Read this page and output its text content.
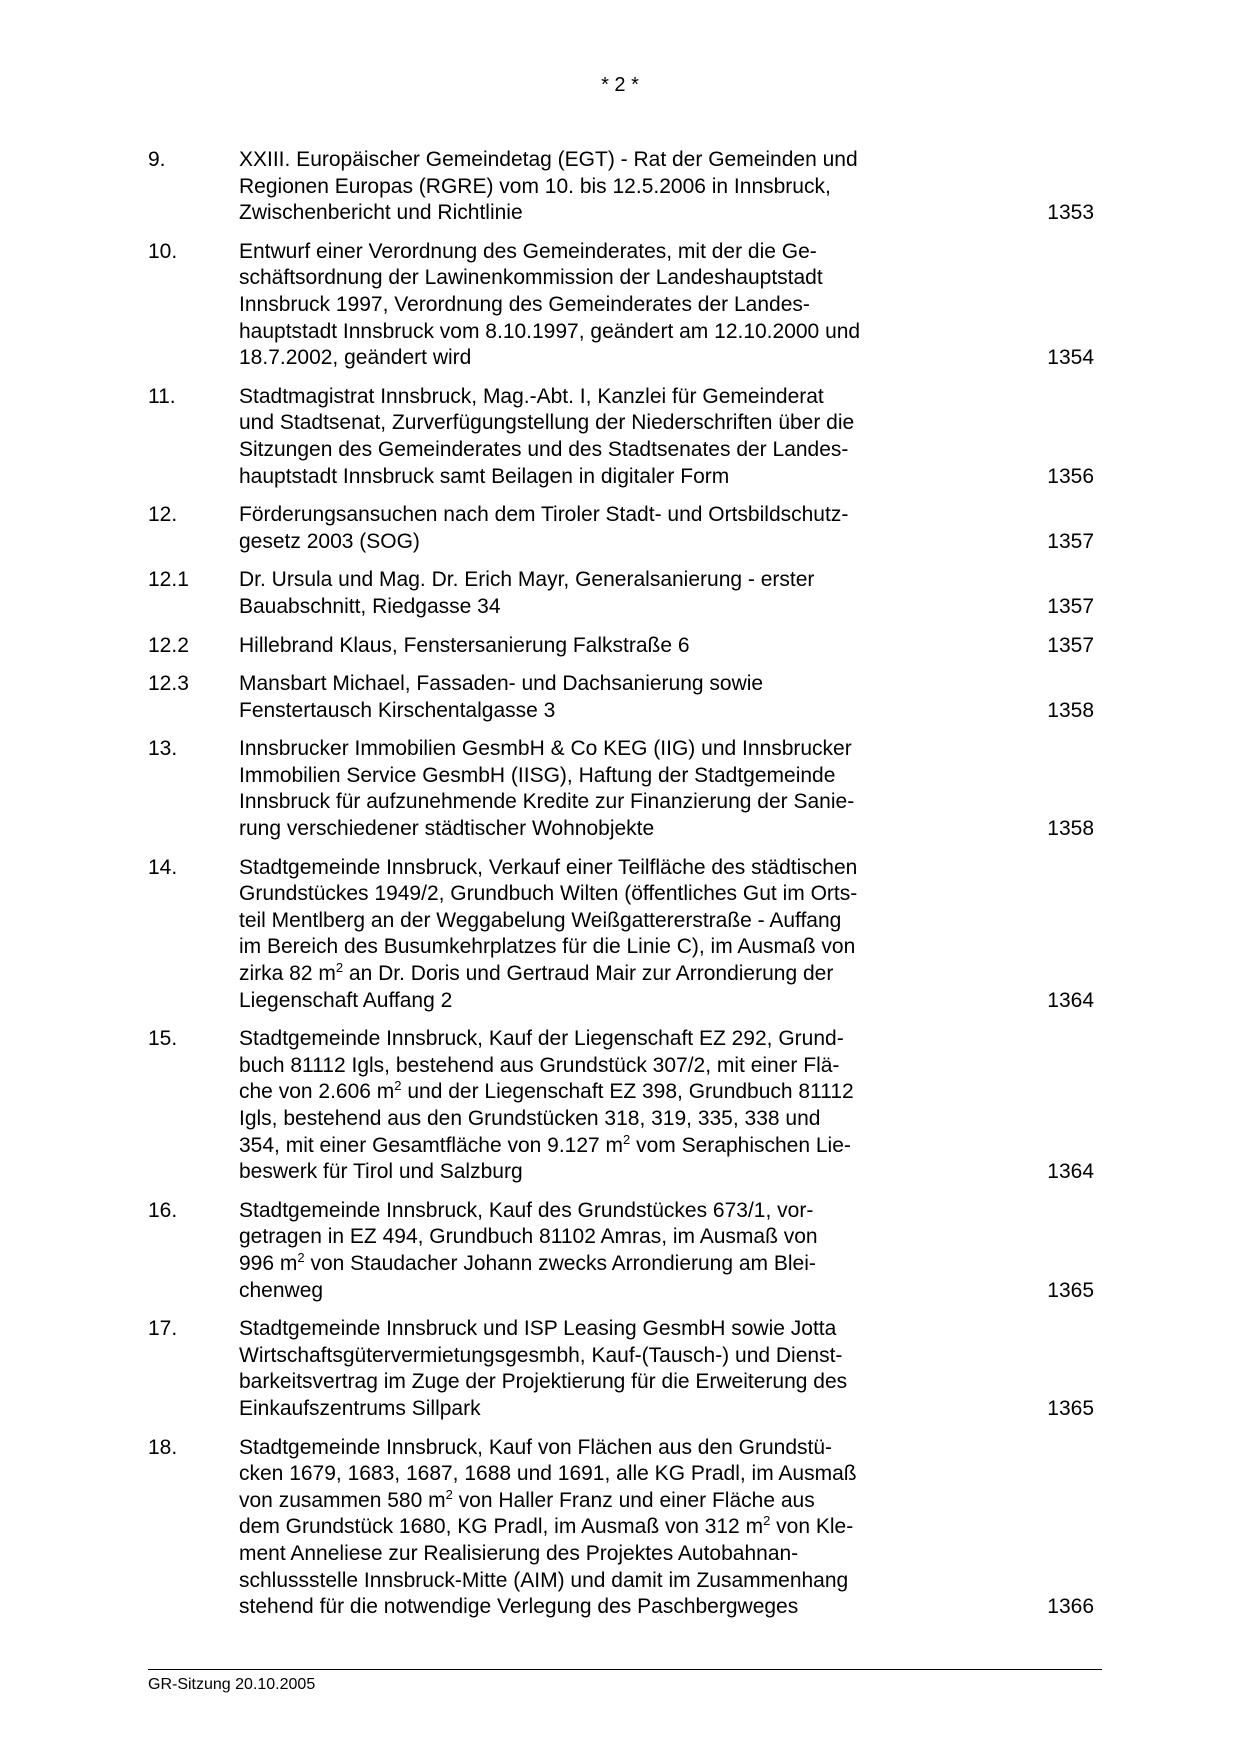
* 2 *
9.	XXIII. Europäischer Gemeindetag (EGT) - Rat der Gemeinden und
Regionen Europas (RGRE) vom 10. bis 12.5.2006 in Innsbruck,
Zwischenbericht und Richtlinie	1353
10.	Entwurf einer Verordnung des Gemeinderates, mit der die Ge-
schäftsordnung der Lawinenkommission der Landeshauptstadt
Innsbruck 1997, Verordnung des Gemeinderates der Landes-
hauptstadt Innsbruck vom 8.10.1997, geändert am 12.10.2000 und
18.7.2002, geändert wird	1354
11.	Stadtmagistrat Innsbruck, Mag.-Abt. I, Kanzlei für Gemeinderat
und Stadtsenat, Zurverfügungstellung der Niederschriften über die
Sitzungen des Gemeinderates und des Stadtsenates der Landes-
hauptstadt Innsbruck samt Beilagen in digitaler Form	1356
12.	Förderungsansuchen nach dem Tiroler Stadt- und Ortsbildschutz-
gesetz 2003 (SOG)	1357
12.1	Dr. Ursula und Mag. Dr. Erich Mayr, Generalsanierung - erster
Bauabschnitt, Riedgasse 34	1357
12.2	Hillebrand Klaus, Fenstersanierung Falkstraße 6	1357
12.3	Mansbart Michael, Fassaden- und Dachsanierung sowie
Fenstertausch Kirschentalgasse 3	1358
13.	Innsbrucker Immobilien GesmbH & Co KEG (IIG) und Innsbrucker
Immobilien Service GesmbH (IISG), Haftung der Stadtgemeinde
Innsbruck für aufzunehmende Kredite zur Finanzierung der Sanie-
rung verschiedener städtischer Wohnobjekte	1358
14.	Stadtgemeinde Innsbruck, Verkauf einer Teilfläche des städtischen
Grundstückes 1949/2, Grundbuch Wilten (öffentliches Gut im Orts-
teil Mentlberg an der Weggabelung Weißgattererstraße - Auffang
im Bereich des Busumkehrplatzes für die Linie C), im Ausmaß von
zirka 82 $m^2$ an Dr. Doris und Gertraud Mair zur Arrondierung der
Liegenschaft Auffang 2	1364
15.	Stadtgemeinde Innsbruck, Kauf der Liegenschaft EZ 292, Grund-
buch 81112 Igls, bestehend aus Grundstück 307/2, mit einer Flä-
che von 2.606 $m^2$ und der Liegenschaft EZ 398, Grundbuch 81112
Igls, bestehend aus den Grundstücken 318, 319, 335, 338 und
354, mit einer Gesamtfläche von 9.127 $m^2$ vom Seraphischen Lie-
beswerk für Tirol und Salzburg	1364
16.	Stadtgemeinde Innsbruck, Kauf des Grundstückes 673/1, vor-
getragen in EZ 494, Grundbuch 81102 Amras, im Ausmaß von
996 $m^2$ von Staudacher Johann zwecks Arrondierung am Blei-
chenweg	1365
17.	Stadtgemeinde Innsbruck und ISP Leasing GesmbH sowie Jotta
Wirtschaftsgütervermietungsgesmbh, Kauf-(Tausch-) und Dienst-
barkeitsvertrag im Zuge der Projektierung für die Erweiterung des
Einkaufszentrums Sillpark	1365
18.	Stadtgemeinde Innsbruck, Kauf von Flächen aus den Grundstü-
cken 1679, 1683, 1687, 1688 und 1691, alle KG Pradl, im Ausmaß
von zusammen 580 $m^2$ von Haller Franz und einer Fläche aus
dem Grundstück 1680, KG Pradl, im Ausmaß von 312 $m^2$ von Kle-
ment Anneliese zur Realisierung des Projektes Autobahnan-
schlussstelle Innsbruck-Mitte (AIM) und damit im Zusammenhang
stehend für die notwendige Verlegung des Paschbergweges	1366
GR-Sitzung 20.10.2005
